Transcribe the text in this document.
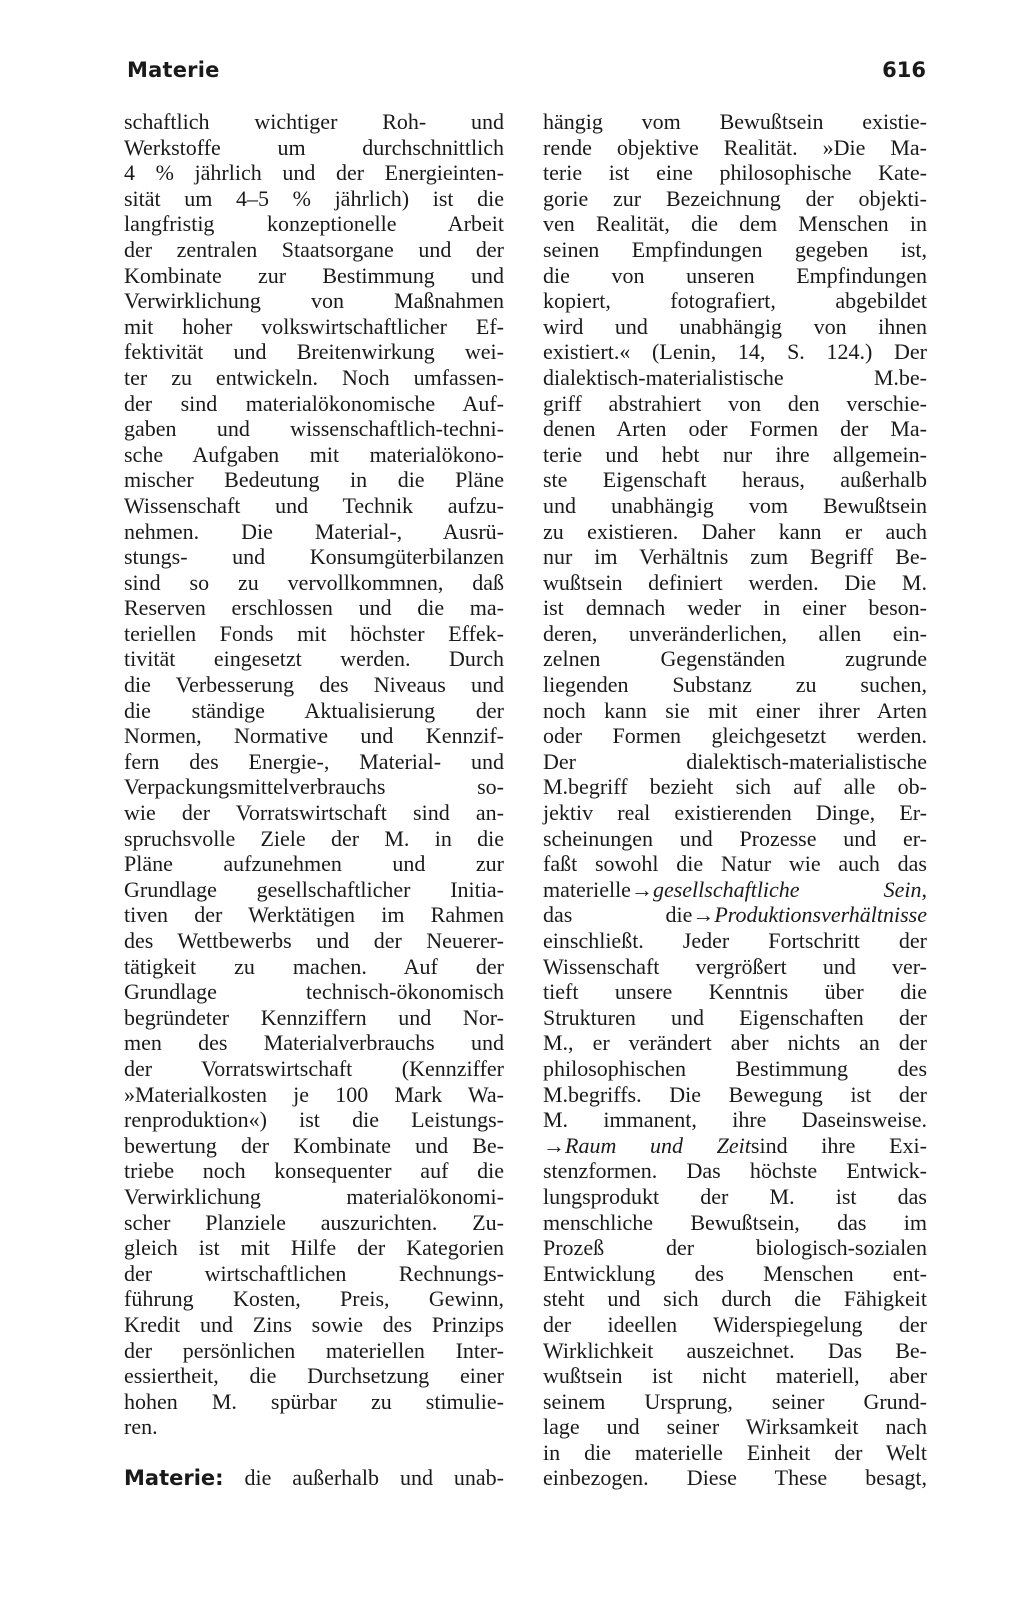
Materie	616
schaftlich wichtiger Roh- und
Werkstoffe um durchschnittlich
4 % jährlich und der Energieinten-
sität um 4–5 % jährlich) ist die
langfristig konzeptionelle Arbeit
der zentralen Staatsorgane und der
Kombinate zur Bestimmung und
Verwirklichung von Maßnahmen
mit hoher volkswirtschaftlicher Ef-
fektivität und Breitenwirkung wei-
ter zu entwickeln. Noch umfassen-
der sind materialökonomische Auf-
gaben und wissenschaftlich-techni-
sche Aufgaben mit materialökono-
mischer Bedeutung in die Pläne
Wissenschaft und Technik aufzu-
nehmen. Die Material-, Ausrü-
stungs- und Konsumgüterbilanzen
sind so zu vervollkommnen, daß
Reserven erschlossen und die ma-
teriellen Fonds mit höchster Effek-
tivität eingesetzt werden. Durch
die Verbesserung des Niveaus und
die ständige Aktualisierung der
Normen, Normative und Kennzif-
fern des Energie-, Material- und
Verpackungsmittelverbrauchs so-
wie der Vorratswirtschaft sind an-
spruchsvolle Ziele der M. in die
Pläne aufzunehmen und zur
Grundlage gesellschaftlicher Initia-
tiven der Werktätigen im Rahmen
des Wettbewerbs und der Neuerer-
tätigkeit zu machen. Auf der
Grundlage technisch-ökonomisch
begründeter Kennziffern und Nor-
men des Materialverbrauchs und
der Vorratswirtschaft (Kennziffer
»Materialkosten je 100 Mark Wa-
renproduktion«) ist die Leistungs-
bewertung der Kombinate und Be-
triebe noch konsequenter auf die
Verwirklichung materialökonomi-
scher Planziele auszurichten. Zu-
gleich ist mit Hilfe der Kategorien
der wirtschaftlichen Rechnungs-
führung Kosten, Preis, Gewinn,
Kredit und Zins sowie des Prinzips
der persönlichen materiellen Inter-
essiertheit, die Durchsetzung einer
hohen M. spürbar zu stimulie-
ren.
Materie: die außerhalb und unab-
hängig vom Bewußtsein existie-
rende objektive Realität. »Die Ma-
terie ist eine philosophische Kate-
gorie zur Bezeichnung der objekti-
ven Realität, die dem Menschen in
seinen Empfindungen gegeben ist,
die von unseren Empfindungen
kopiert, fotografiert, abgebildet
wird und unabhängig von ihnen
existiert.« (Lenin, 14, S. 124.) Der
dialektisch-materialistische M.be-
griff abstrahiert von den verschie-
denen Arten oder Formen der Ma-
terie und hebt nur ihre allgemein-
ste Eigenschaft heraus, außerhalb
und unabhängig vom Bewußtsein
zu existieren. Daher kann er auch
nur im Verhältnis zum Begriff Be-
wußtsein definiert werden. Die M.
ist demnach weder in einer beson-
deren, unveränderlichen, allen ein-
zelnen Gegenständen zugrunde
liegenden Substanz zu suchen,
noch kann sie mit einer ihrer Arten
oder Formen gleichgesetzt werden.
Der dialektisch-materialistische
M.begriff bezieht sich auf alle ob-
jektiv real existierenden Dinge, Er-
scheinungen und Prozesse und er-
faßt sowohl die Natur wie auch das
materielle→gesellschaftliche Sein,
das die→Produktionsverhältnisse
einschließt. Jeder Fortschritt der
Wissenschaft vergrößert und ver-
tieft unsere Kenntnis über die
Strukturen und Eigenschaften der
M., er verändert aber nichts an der
philosophischen Bestimmung des
M.begriffs. Die Bewegung ist der
M. immanent, ihre Daseinsweise.
→Raum und Zeitsind ihre Exi-
stenzformen. Das höchste Entwick-
lungsprodukt der M. ist das
menschliche Bewußtsein, das im
Prozeß der biologisch-sozialen
Entwicklung des Menschen ent-
steht und sich durch die Fähigkeit
der ideellen Widerspiegelung der
Wirklichkeit auszeichnet. Das Be-
wußtsein ist nicht materiell, aber
seinem Ursprung, seiner Grund-
lage und seiner Wirksamkeit nach
in die materielle Einheit der Welt
einbezogen. Diese These besagt,
